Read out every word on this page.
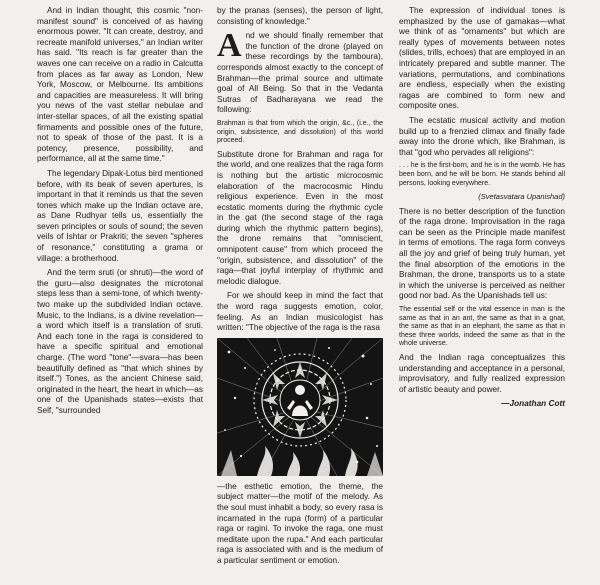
And in Indian thought, this cosmic "non-manifest sound" is conceived of as having enormous power. "It can create, destroy, and recreate manifold universes," an Indian writer has said. "Its reach is far greater than the waves one can receive on a radio in Calcutta from places as far away as London, New York, Moscow, or Melbourne. Its ambitions and capacities are measureless. It will bring you news of the vast stellar nebulae and inter-stellar spaces, of all the existing spatial firmaments and possible ones of the future, not to speak of those of the past. It is a potency, presence, possibility, and performance, all at the same time."

The legendary Dipak-Lotus bird mentioned before, with its beak of seven apertures, is important in that it reminds us that the seven tones which make up the Indian octave are, as Dane Rudhyar tells us, essentially the seven principles or souls of sound; the seven veils of Ishtar or Prakriti; the seven "spheres of resonance," constituting a grama or village: a brotherhood.

And the term sruti (or shruti)—the word of the guru—also designates the microtonal steps less than a semi-tone, of which twenty-two make up the subdivided Indian octave. Music, to the Indians, is a divine revelation—a word which itself is a translation of sruti. And each tone in the raga is considered to have a specific spiritual and emotional charge. (The word "tone"—svara—has been beautifully defined as "that which shines by itself.") Tones, as the ancient Chinese said, originated in the heart, the heart in which—as one of the Upanishads states—exists that Self, "surrounded

by the pranas (senses), the person of light, consisting of knowledge."

And we should finally remember that the function of the drone (played on these recordings by the tamboura), corresponds almost exactly to the concept of Brahman—the primal source and ultimate goal of All Being. So that in the Vedanta Sutras of Badharayana we read the following:

Brahman is that from which the origin, &c., (i.e., the origin, subsistence, and dissolution) of this world proceed.

Substitute drone for Brahman and raga for the world, and one realizes that the raga form is nothing but the artistic microcosmic elaboration of the macrocosmic Hindu religious experience. Even in the most ecstatic moments during the rhythmic cycle in the gat (the second stage of the raga during which the rhythmic pattern begins), the drone remains that "omniscient, omnipotent cause" from which proceed the "origin, subsistence, and dissolution" of the raga—that joyful interplay of rhythmic and melodic dialogue.

For we should keep in mind the fact that the word raga suggests emotion, color, feeling. As an Indian musicologist has written: "The objective of the raga is the rasa

—the esthetic emotion, the theme, the subject matter—the motif of the melody. As the soul must inhabit a body, so every rasa is incarnated in the rupa (form) of a particular raga or ragini. To invoke the raga, one must meditate upon the rupa." And each particular raga is associated with and is the medium of a particular sentiment or emotion.

The expression of individual tones is emphasized by the use of gamakas—what we think of as "ornaments" but which are really types of movements between notes (slides, trills, echoes) that are employed in an intricately prepared and subtle manner. The variations, permutations, and combinations are endless, especially when the existing ragas are combined to form new and composite ones.

The ecstatic musical activity and motion build up to a frenzied climax and finally fade away into the drone which, like Brahman, is that "god who pervades all religions":

. . . he is the first-born, and he is in the womb. He has been born, and he will be born. He stands behind all persons, looking everywhere.

(Svetasvatara Upanishad)

There is no better description of the function of the raga drone. Improvisation in the raga can be seen as the Principle made manifest in terms of emotions. The raga form conveys all the joy and grief of being truly human, yet the final absorption of the emotions in the Brahman, the drone, transports us to a state in which the universe is perceived as neither good nor bad. As the Upanishads tell us:

The essential self or the vital essence in man is the same as that in an ant, the same as that in a gnat, the same as that in an elephant, the same as that in these three worlds, indeed the same as that in the whole universe.

And the Indian raga conceptualizes this understanding and acceptance in a personal, improvisatory, and fully realized expression of artistic beauty and power.

—Jonathan Cott
